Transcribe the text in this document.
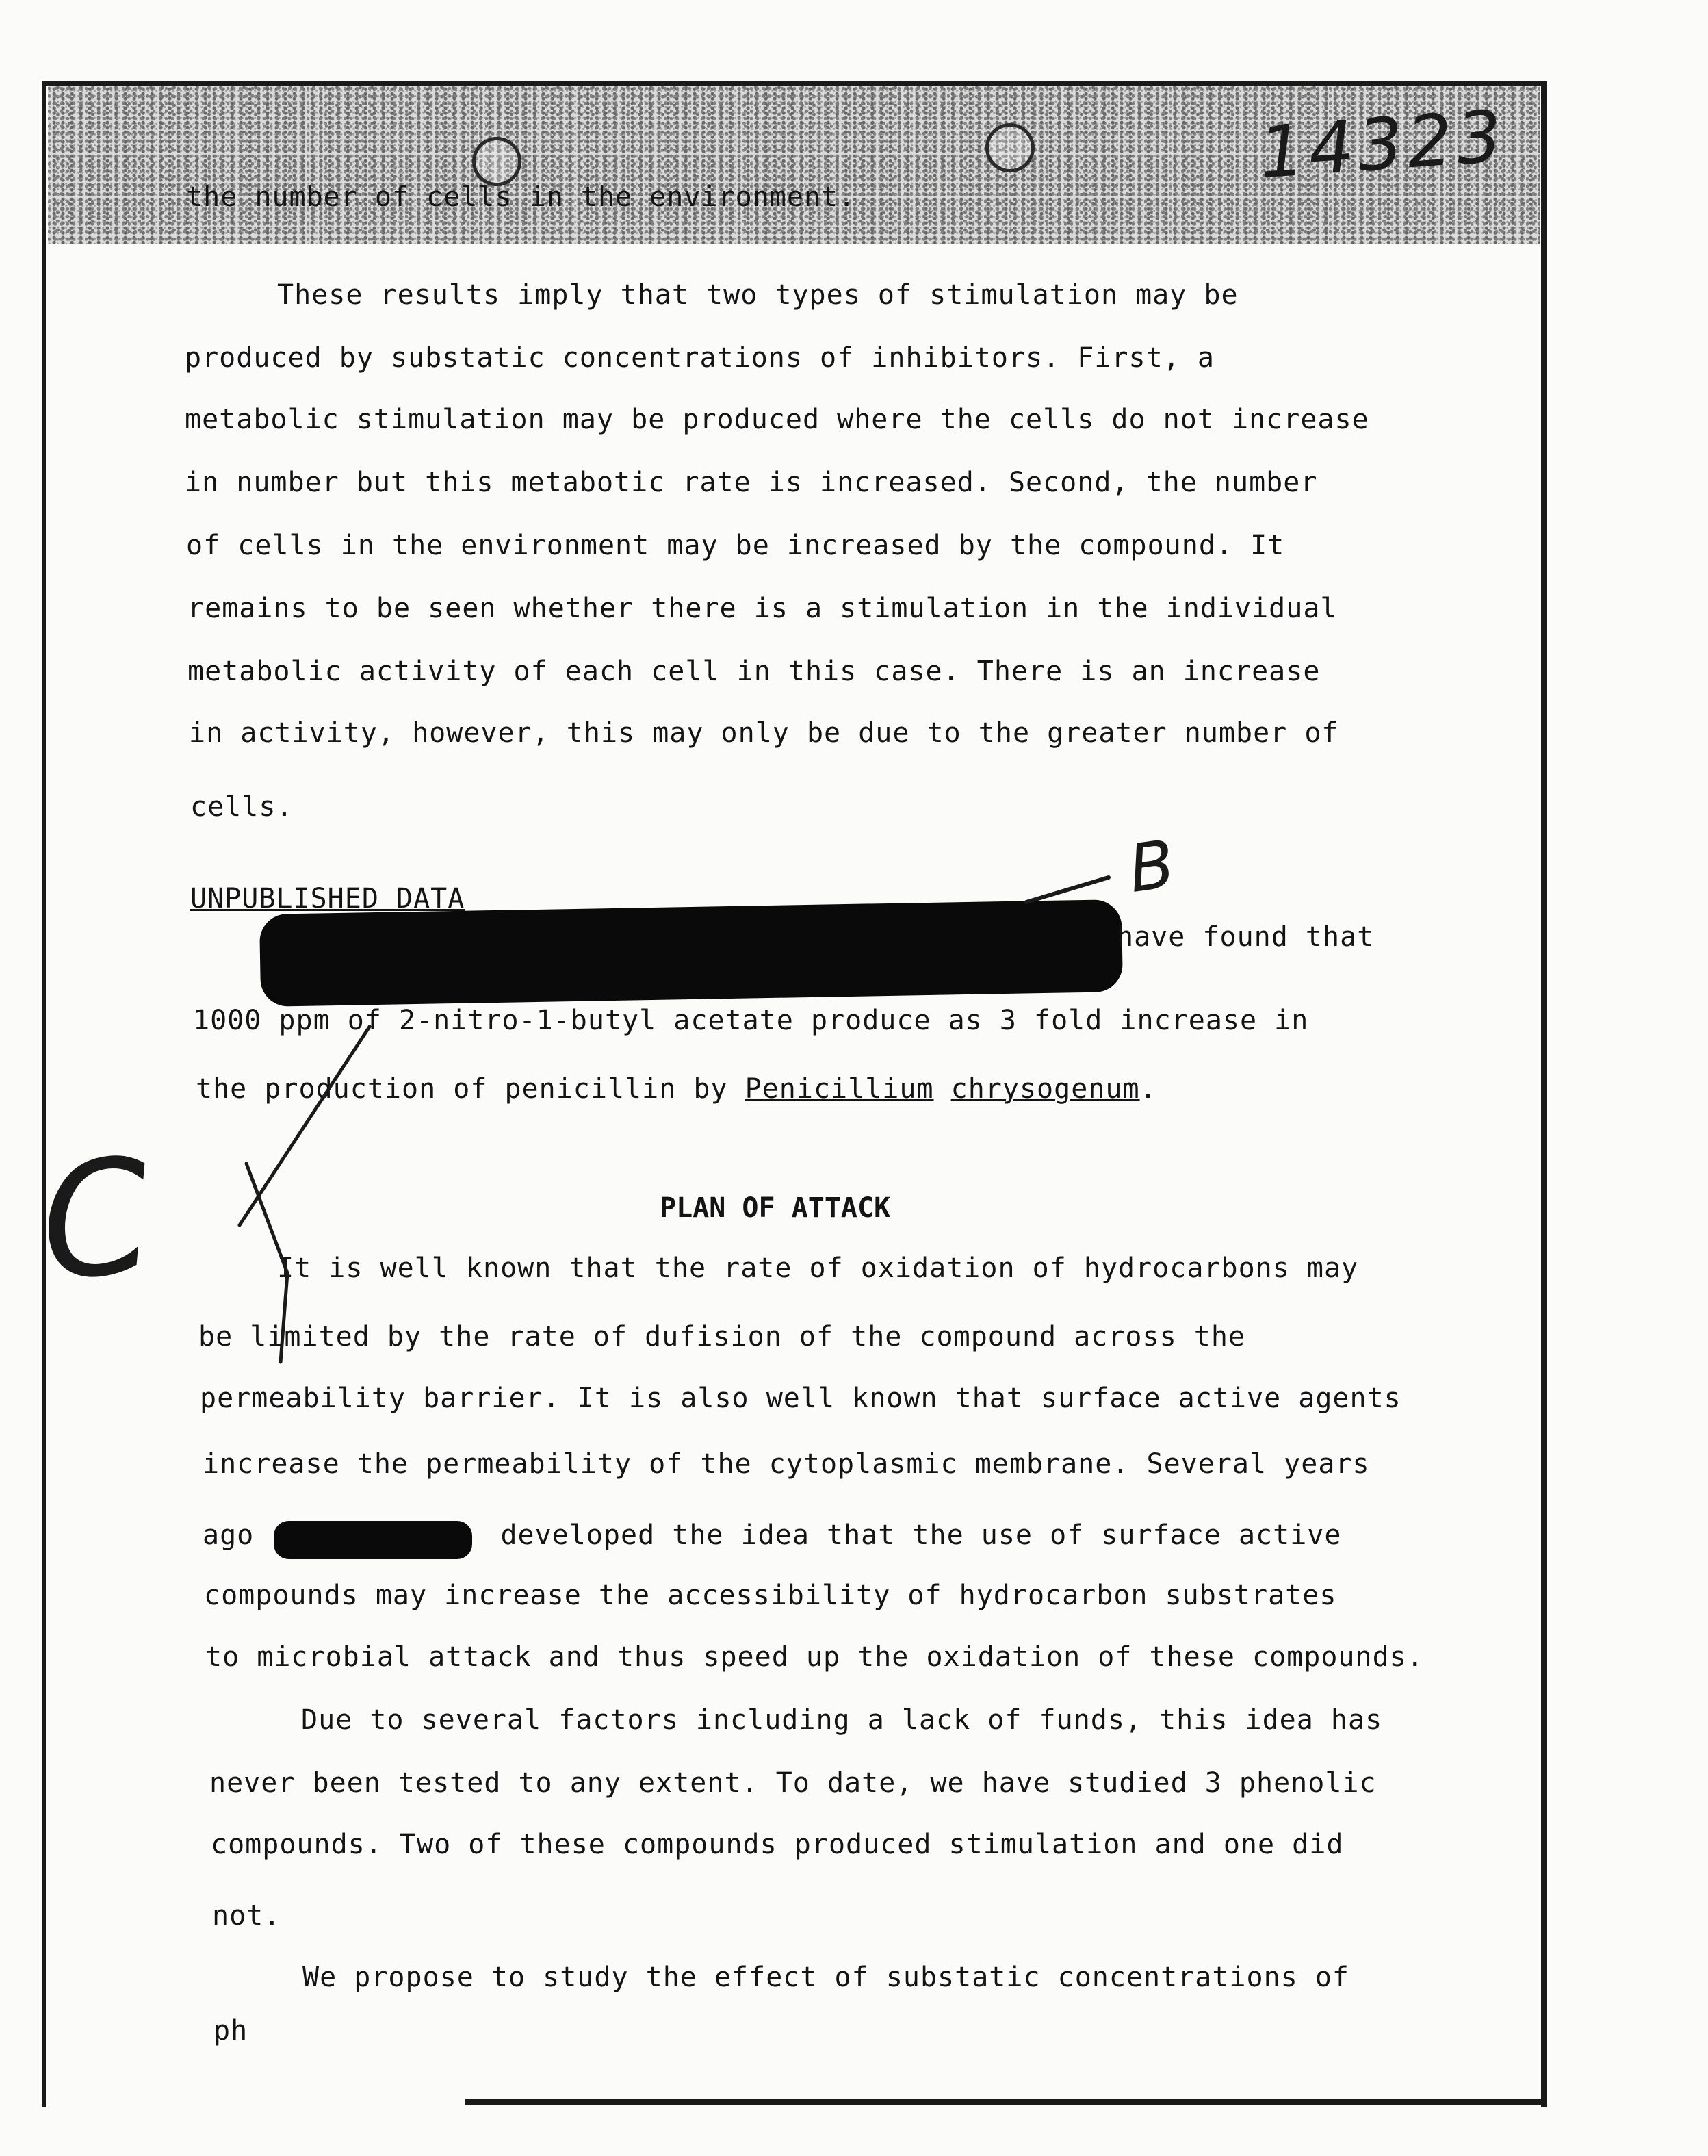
14323
the number of cells in the environment.
These results imply that two types of stimulation may be
produced by substatic concentrations of inhibitors. First, a
metabolic stimulation may be produced where the cells do not increase
in number but this metabotic rate is increased. Second, the number
of cells in the environment may be increased by the compound. It
remains to be seen whether there is a stimulation in the individual
metabolic activity of each cell in this case. There is an increase
in activity, however, this may only be due to the greater number of
cells.
UNPUBLISHED DATA
have found that
1000 ppm of 2-nitro-1-butyl acetate produce as 3 fold increase in
the production of penicillin by Penicillium chrysogenum.
PLAN OF ATTACK
It is well known that the rate of oxidation of hydrocarbons may
be limited by the rate of dufision of the compound across the
permeability barrier. It is also well known that surface active agents
increase the permeability of the cytoplasmic membrane. Several years
ago	developed the idea that the use of surface active
compounds may increase the accessibility of hydrocarbon substrates
to microbial attack and thus speed up the oxidation of these compounds.
Due to several factors including a lack of funds, this idea has
never been tested to any extent. To date, we have studied 3 phenolic
compounds. Two of these compounds produced stimulation and one did
not.
We propose to study the effect of substatic concentrations of
ph
B
C
